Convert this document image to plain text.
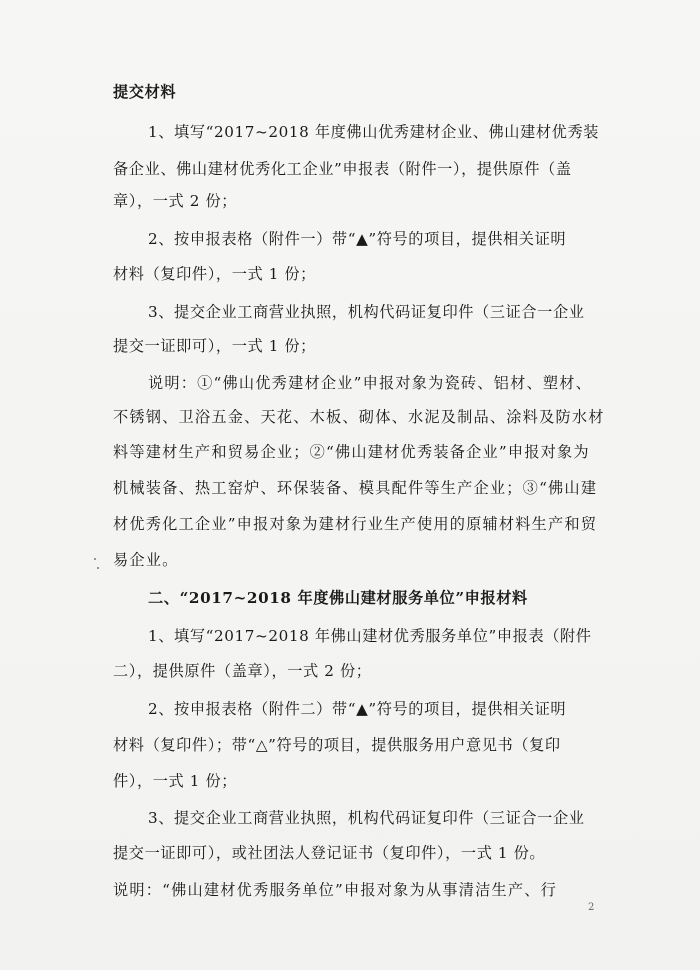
提交材料
1、填写“2017~2018 年度佛山优秀建材企业、佛山建材优秀装
备企业、佛山建材优秀化工企业”申报表（附件一），提供原件（盖
章），一式 2 份；
2、按申报表格（附件一）带“▲”符号的项目，提供相关证明
材料（复印件），一式 1 份；
3、提交企业工商营业执照，机构代码证复印件（三证合一企业
提交一证即可），一式 1 份；
说明：①“佛山优秀建材企业”申报对象为瓷砖、铝材、塑材、
不锈钢、卫浴五金、天花、木板、砌体、水泥及制品、涂料及防水材
料等建材生产和贸易企业；②“佛山建材优秀装备企业”申报对象为
机械装备、热工窑炉、环保装备、模具配件等生产企业；③“佛山建
材优秀化工企业”申报对象为建材行业生产使用的原辅材料生产和贸
易企业。
二、“2017~2018 年度佛山建材服务单位”申报材料
1、填写“2017~2018 年佛山建材优秀服务单位”申报表（附件
二），提供原件（盖章），一式 2 份；
2、按申报表格（附件二）带“▲”符号的项目，提供相关证明
材料（复印件）；带“△”符号的项目，提供服务用户意见书（复印
件），一式 1 份；
3、提交企业工商营业执照，机构代码证复印件（三证合一企业
提交一证即可），或社团法人登记证书（复印件），一式 1 份。
说明：“佛山建材优秀服务单位”申报对象为从事清洁生产、行
2
